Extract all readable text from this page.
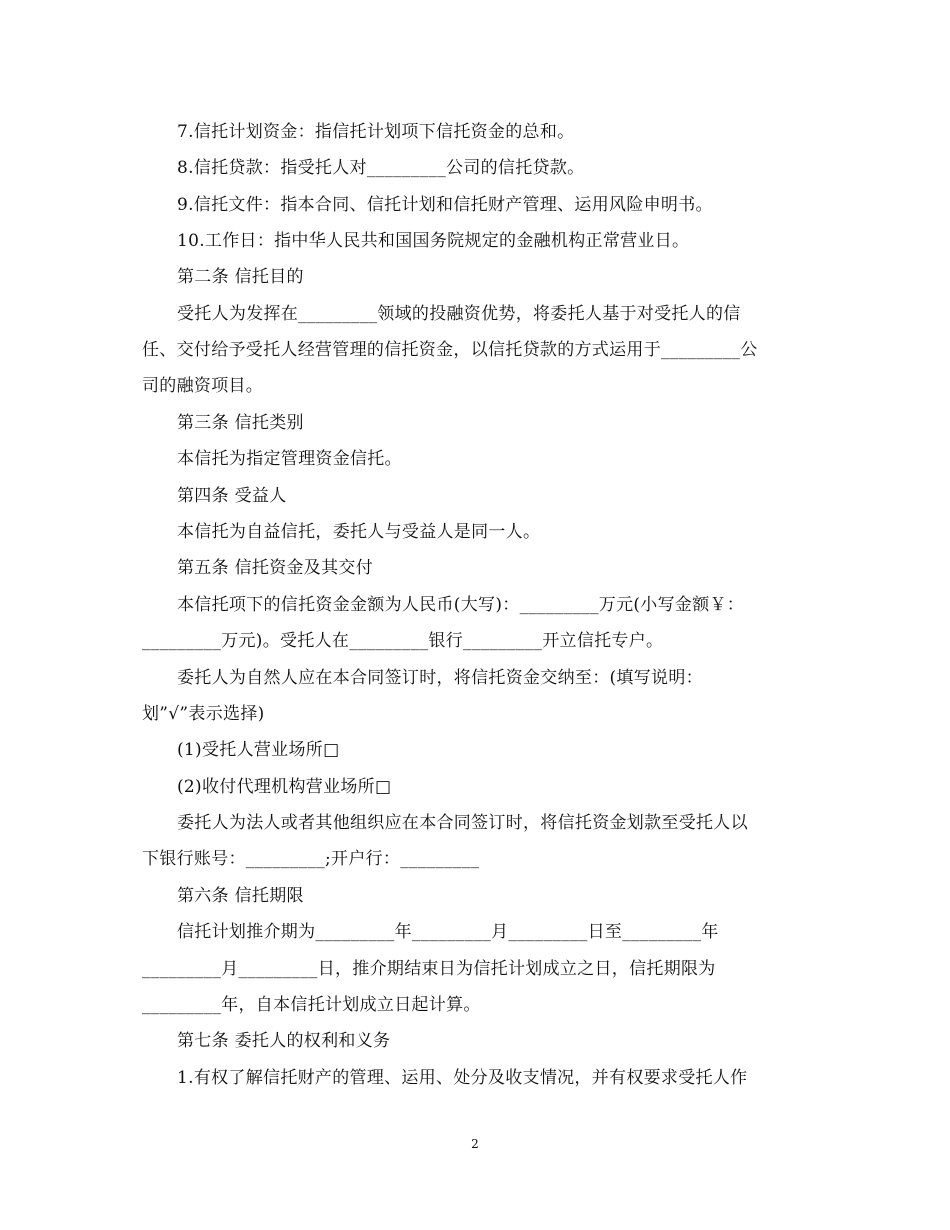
7.信托计划资金：指信托计划项下信托资金的总和。
8.信托贷款：指受托人对_________公司的信托贷款。
9.信托文件：指本合同、信托计划和信托财产管理、运用风险申明书。
10.工作日：指中华人民共和国国务院规定的金融机构正常营业日。
第二条 信托目的
受托人为发挥在_________领域的投融资优势，将委托人基于对受托人的信
任、交付给予受托人经营管理的信托资金，以信托贷款的方式运用于_________公
司的融资项目。
第三条 信托类别
本信托为指定管理资金信托。
第四条 受益人
本信托为自益信托，委托人与受益人是同一人。
第五条 信托资金及其交付
本信托项下的信托资金金额为人民币(大写)：_________万元(小写金额￥：
_________万元)。受托人在_________银行_________开立信托专户。
委托人为自然人应在本合同签订时，将信托资金交纳至：(填写说明：
划”√”表示选择)
(1)受托人营业场所□
(2)收付代理机构营业场所□
委托人为法人或者其他组织应在本合同签订时，将信托资金划款至受托人以
下银行账号：_________;开户行：_________
第六条 信托期限
信托计划推介期为_________年_________月_________日至_________年
_________月_________日，推介期结束日为信托计划成立之日，信托期限为
_________年，自本信托计划成立日起计算。
第七条 委托人的权利和义务
1.有权了解信托财产的管理、运用、处分及收支情况，并有权要求受托人作
2
